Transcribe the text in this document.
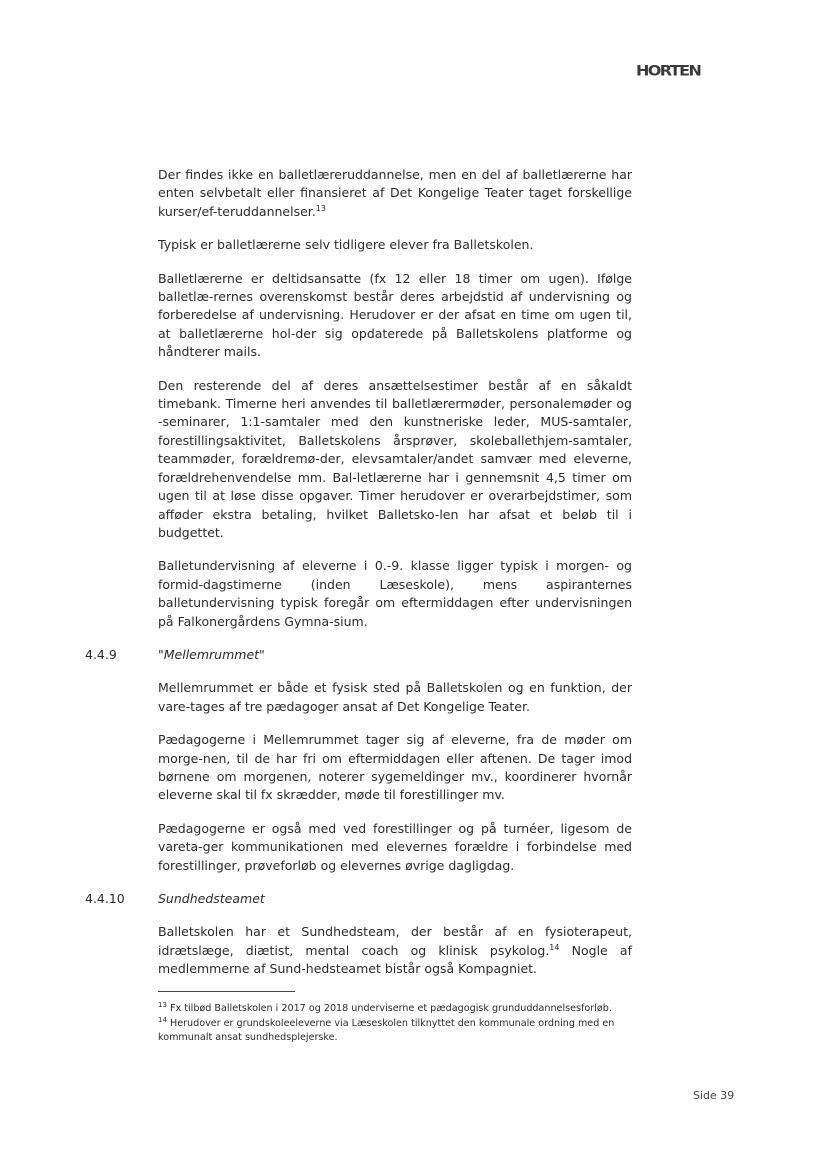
HORTEN

Der findes ikke en balletlæreruddannelse, men en del af balletlærerne har enten selvbetalt eller finansieret af Det Kongelige Teater taget forskellige kurser/ef-teruddannelser.$^{13}$

Typisk er balletlærerne selv tidligere elever fra Balletskolen.

Balletlærerne er deltidsansatte (fx 12 eller 18 timer om ugen). Ifølge balletlæ-rernes overenskomst består deres arbejdstid af undervisning og forberedelse af undervisning. Herudover er der afsat en time om ugen til, at balletlærerne hol-der sig opdaterede på Balletskolens platforme og håndterer mails.

Den resterende del af deres ansættelsestimer består af en såkaldt timebank. Timerne heri anvendes til balletlærermøder, personalemøder og -seminarer, 1:1-samtaler med den kunstneriske leder, MUS-samtaler, forestillingsaktivitet, Balletskolens årsprøver, skoleballethjem-samtaler, teammøder, forældremø-der, elevsamtaler/andet samvær med eleverne, forældrehenvendelse mm. Bal-letlærerne har i gennemsnit 4,5 timer om ugen til at løse disse opgaver. Timer herudover er overarbejdstimer, som afføder ekstra betaling, hvilket Balletsko-len har afsat et beløb til i budgettet.

Balletundervisning af eleverne i 0.-9. klasse ligger typisk i morgen- og formid-dagstimerne (inden Læseskole), mens aspiranternes balletundervisning typisk foregår om eftermiddagen efter undervisningen på Falkonergårdens Gymna-sium.

4.4.9	"Mellemrummet"

Mellemrummet er både et fysisk sted på Balletskolen og en funktion, der vare-tages af tre pædagoger ansat af Det Kongelige Teater.

Pædagogerne i Mellemrummet tager sig af eleverne, fra de møder om morge-nen, til de har fri om eftermiddagen eller aftenen. De tager imod børnene om morgenen, noterer sygemeldinger mv., koordinerer hvornår eleverne skal til fx skrædder, møde til forestillinger mv.

Pædagogerne er også med ved forestillinger og på turnéer, ligesom de vareta-ger kommunikationen med elevernes forældre i forbindelse med forestillinger, prøveforløb og elevernes øvrige dagligdag.

4.4.10	Sundhedsteamet

Balletskolen har et Sundhedsteam, der består af en fysioterapeut, idrætslæge, diætist, mental coach og klinisk psykolog.$^{14}$ Nogle af medlemmerne af Sund-hedsteamet bistår også Kompagniet.

$^{13}$ Fx tilbød Balletskolen i 2017 og 2018 underviserne et pædagogisk grunduddannelsesforløb.

$^{14}$ Herudover er grundskoleeleverne via Læseskolen tilknyttet den kommunale ordning med en kommunalt ansat sundhedsplejerske.

Side 39
